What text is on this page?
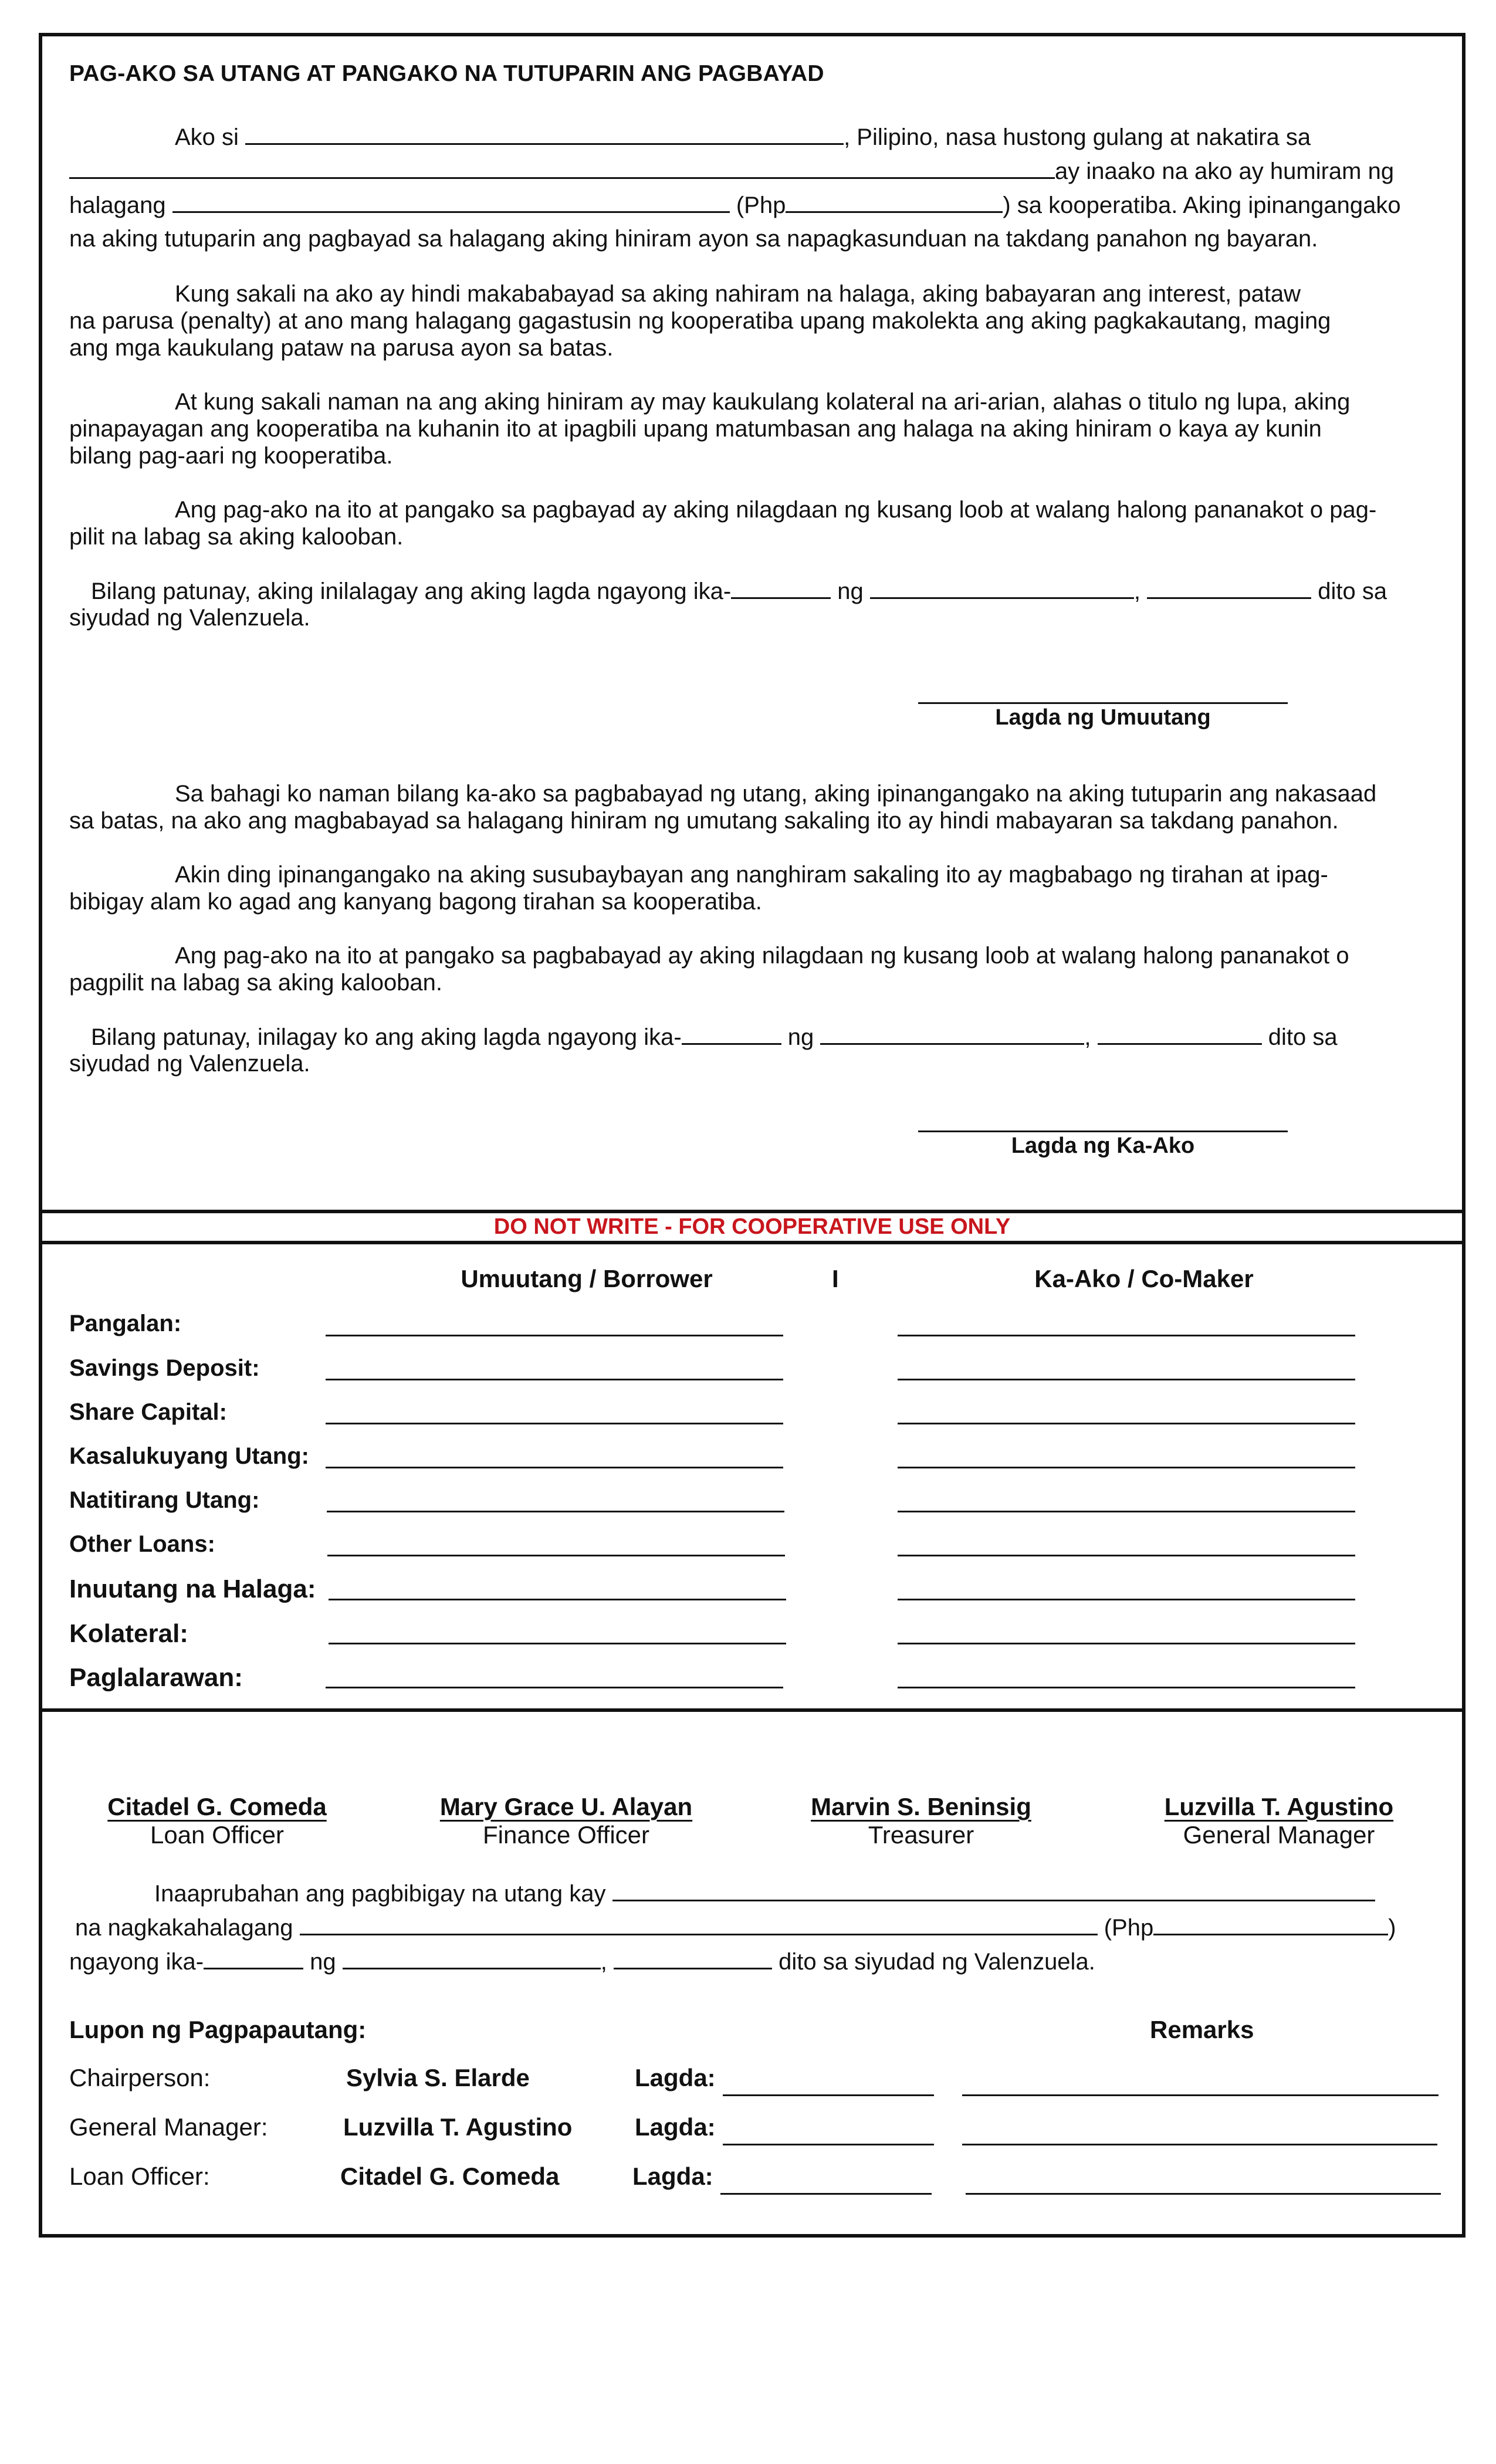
PAG-AKO SA UTANG AT PANGAKO NA TUTUPARIN ANG PAGBAYAD
Ako si	, Pilipino, nasa hustong gulang at nakatira sa
ay inaako na ako ay humiram ng
halagang	(Php	) sa kooperatiba. Aking ipinangangako
na aking tutuparin ang pagbayad sa halagang aking hiniram ayon sa napagkasunduan na takdang panahon ng bayaran.
Kung sakali na ako ay hindi makababayad sa aking nahiram na halaga, aking babayaran ang interest, pataw
na parusa (penalty) at ano mang halagang gagastusin ng kooperatiba upang makolekta ang aking pagkakautang, maging
ang mga kaukulang pataw na parusa ayon sa batas.
At kung sakali naman na ang aking hiniram ay may kaukulang kolateral na ari-arian, alahas o titulo ng lupa, aking
pinapayagan ang kooperatiba na kuhanin ito at ipagbili upang matumbasan ang halaga na aking hiniram o kaya ay kunin
bilang pag-aari ng kooperatiba.
Ang pag-ako na ito at pangako sa pagbayad ay aking nilagdaan ng kusang loob at walang halong pananakot o pag-
pilit na labag sa aking kalooban.
Bilang patunay, aking inilalagay ang aking lagda ngayong ika-	ng	,	dito sa
siyudad ng Valenzuela.
Lagda ng Umuutang
Sa bahagi ko naman bilang ka-ako sa pagbabayad ng utang, aking ipinangangako na aking tutuparin ang nakasaad
sa batas, na ako ang magbabayad sa halagang hiniram ng umutang sakaling ito ay hindi mabayaran sa takdang panahon.
Akin ding ipinangangako na aking susubaybayan ang nanghiram sakaling ito ay magbabago ng tirahan at ipag-
bibigay alam ko agad ang kanyang bagong tirahan sa kooperatiba.
Ang pag-ako na ito at pangako sa pagbabayad ay aking nilagdaan ng kusang loob at walang halong pananakot o
pagpilit na labag sa aking kalooban.
Bilang patunay, inilagay ko ang aking lagda ngayong ika-	ng	,	dito sa
siyudad ng Valenzuela.
Lagda ng Ka-Ako
DO NOT WRITE - FOR COOPERATIVE USE ONLY
Umuutang / Borrower	I	Ka-Ako / Co-Maker
Pangalan:
Savings Deposit:
Share Capital:
Kasalukuyang Utang:
Natitirang Utang:
Other Loans:
Inuutang na Halaga:
Kolateral:
Paglalarawan:
Citadel G. Comeda
Loan Officer
Mary Grace U. Alayan
Finance Officer
Marvin S. Beninsig
Treasurer
Luzvilla T. Agustino
General Manager
Inaaprubahan ang pagbibigay na utang kay
na nagkakahalagang	(Php	)
ngayong ika-	ng	,	dito sa siyudad ng Valenzuela.
Lupon ng Pagpapautang:	Remarks
Chairperson:	Sylvia S. Elarde	Lagda:
General Manager:	Luzvilla T. Agustino	Lagda:
Loan Officer:	Citadel G. Comeda	Lagda:
